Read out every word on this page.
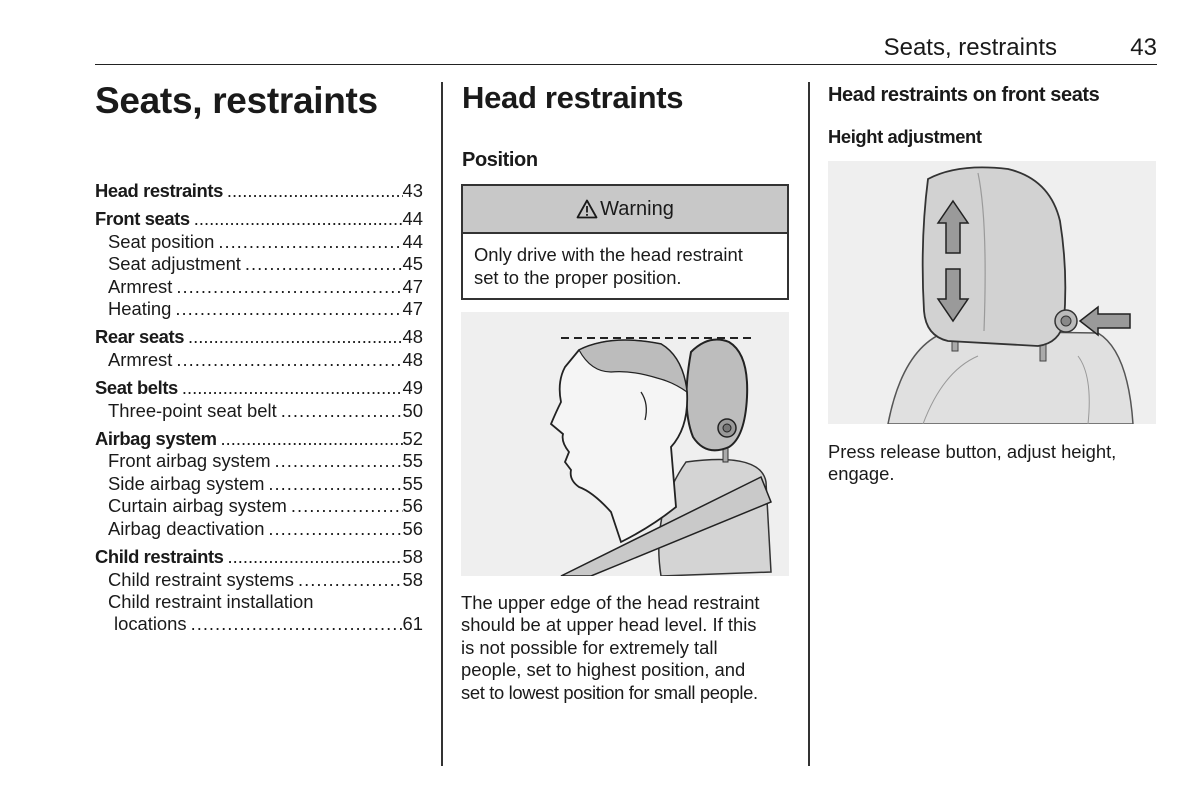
Seats, restraints	43
Seats, restraints
Head restraints .....	43
Front seats .....	44
Seat position .....	44
Seat adjustment .....	45
Armrest .....	47
Heating .....	47
Rear seats .....	48
Armrest .....	48
Seat belts .....	49
Three-point seat belt .....	50
Airbag system .....	52
Front airbag system .....	55
Side airbag system .....	55
Curtain airbag system .....	56
Airbag deactivation .....	56
Child restraints .....	58
Child restraint systems .....	58
Child restraint installation
locations .....	61
Head restraints
Position
Warning
Only drive with the head restraint
set to the proper position.
The upper edge of the head restraint
should be at upper head level. If this
is not possible for extremely tall
people, set to highest position, and
set to lowest position for small people.
Head restraints on front seats
Height adjustment
Press release button, adjust height,
engage.
